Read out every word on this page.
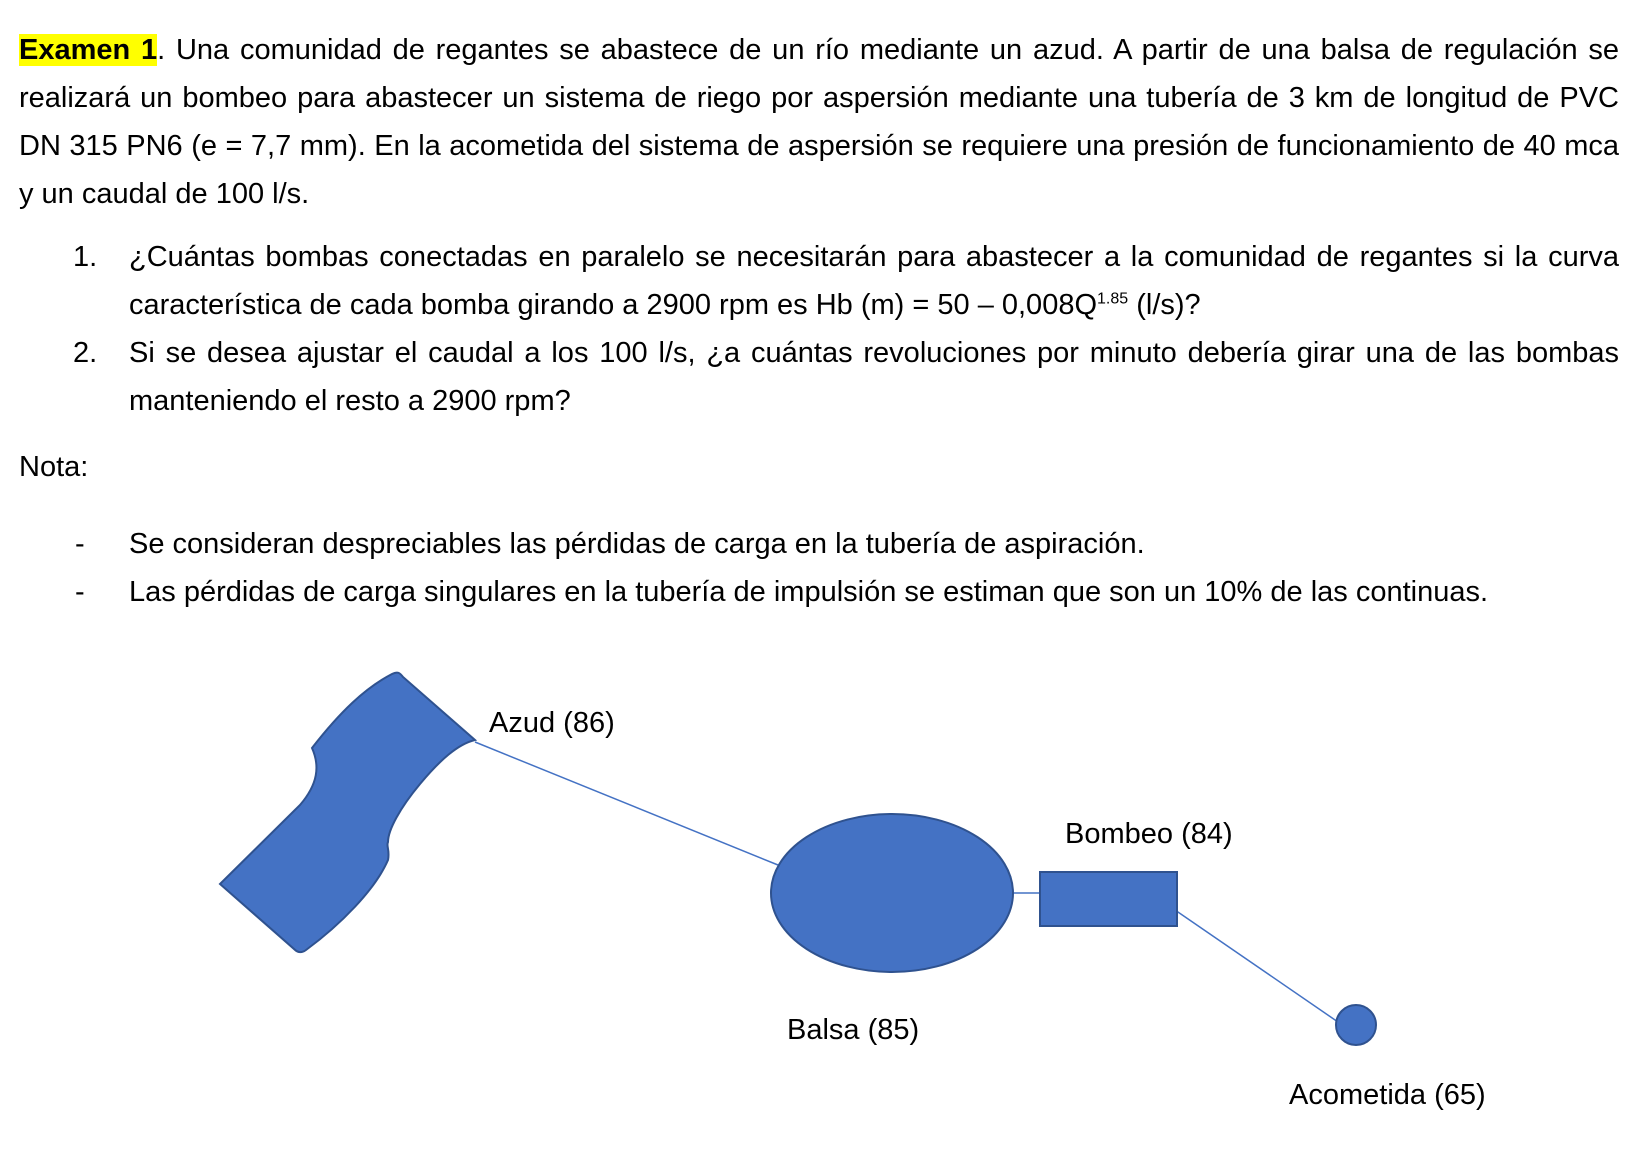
Examen 1. Una comunidad de regantes se abastece de un río mediante un azud. A partir de una balsa de regulación se realizará un bombeo para abastecer un sistema de riego por aspersión mediante una tubería de 3 km de longitud de PVC DN 315 PN6 (e = 7,7 mm). En la acometida del sistema de aspersión se requiere una presión de funcionamiento de 40 mca y un caudal de 100 l/s.
1.	¿Cuántas bombas conectadas en paralelo se necesitarán para abastecer a la comunidad de regantes si la curva característica de cada bomba girando a 2900 rpm es Hb $(m) = 50 - 0,008Q^{1.85}$ (l/s)?
2.	Si se desea ajustar el caudal a los 100 l/s, ¿a cuántas revoluciones por minuto debería girar una de las bombas manteniendo el resto a 2900 rpm?
Nota:
-	Se consideran despreciables las pérdidas de carga en la tubería de aspiración.
-	Las pérdidas de carga singulares en la tubería de impulsión se estiman que son un 10% de las continuas.
Azud (86)
Bombeo (84)
Balsa (85)
Acometida (65)
